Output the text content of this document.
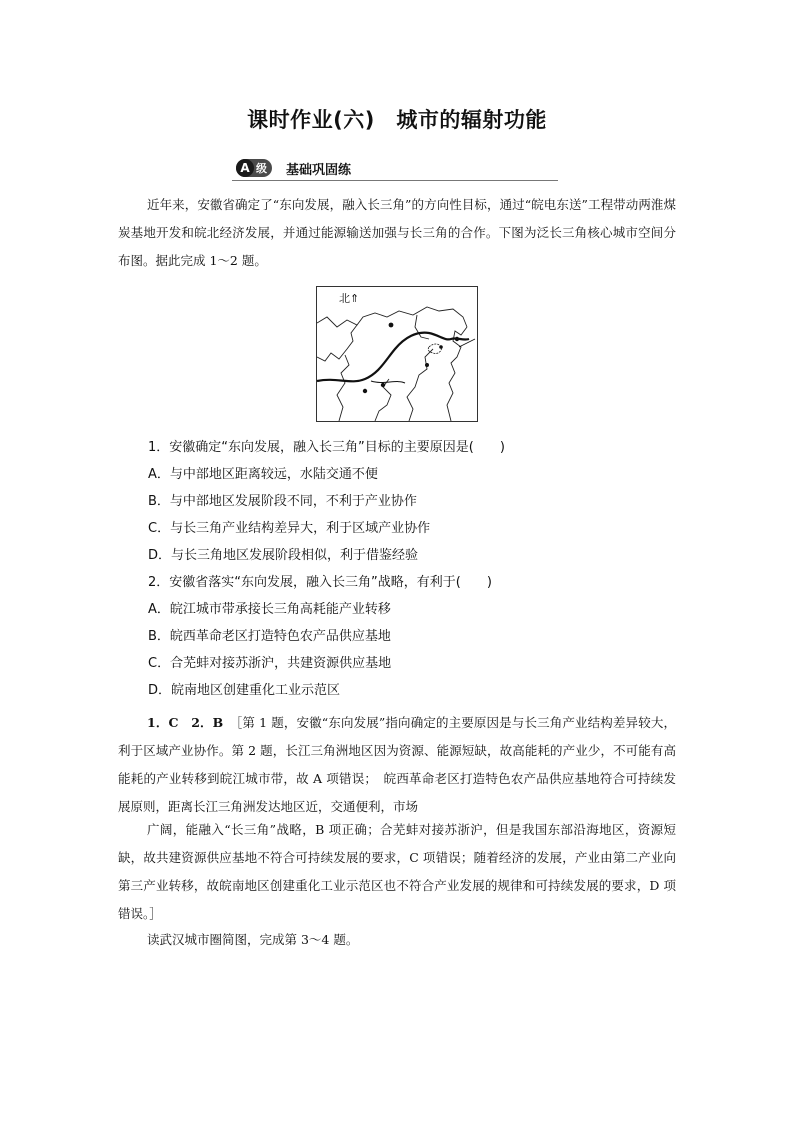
课时作业(六)　城市的辐射功能
A 级 基础巩固练

近年来，安徽省确定了“东向发展，融入长三角”的方向性目标，通过“皖电东送”工程带动两淮煤炭基地开发和皖北经济发展，并通过能源输送加强与长三角的合作。下图为泛长三角核心城市空间分布图。据此完成 1～2 题。

北⇑
1．安徽确定“东向发展，融入长三角”目标的主要原因是(　　)
A．与中部地区距离较远，水陆交通不便
B．与中部地区发展阶段不同，不利于产业协作
C．与长三角产业结构差异大，利于区域产业协作
D．与长三角地区发展阶段相似，利于借鉴经验
2．安徽省落实“东向发展，融入长三角”战略，有利于(　　)
A．皖江城市带承接长三角高耗能产业转移
B．皖西革命老区打造特色农产品供应基地
C．合芜蚌对接苏浙沪，共建资源供应基地
D．皖南地区创建重化工业示范区

1．C　2．B　 ［第 1 题，安徽“东向发展”指向确定的主要原因是与长三角产业结构差异较大，利于区域产业协作。第 2 题，长江三角洲地区因为资源、能源短缺，故高能耗的产业少，不可能有高能耗的产业转移到皖江城市带，故 A 项错误；　皖西革命老区打造特色农产品供应基地符合可持续发展原则，距离长江三角洲发达地区近，交通便利，市场

广阔，能融入“长三角”战略，B 项正确；合芜蚌对接苏浙沪，但是我国东部沿海地区，资源短缺，故共建资源供应基地不符合可持续发展的要求，C 项错误；随着经济的发展，产业由第二产业向第三产业转移，故皖南地区创建重化工业示范区也不符合产业发展的规律和可持续发展的要求，D 项错误。］

读武汉城市圈简图，完成第 3～4 题。
